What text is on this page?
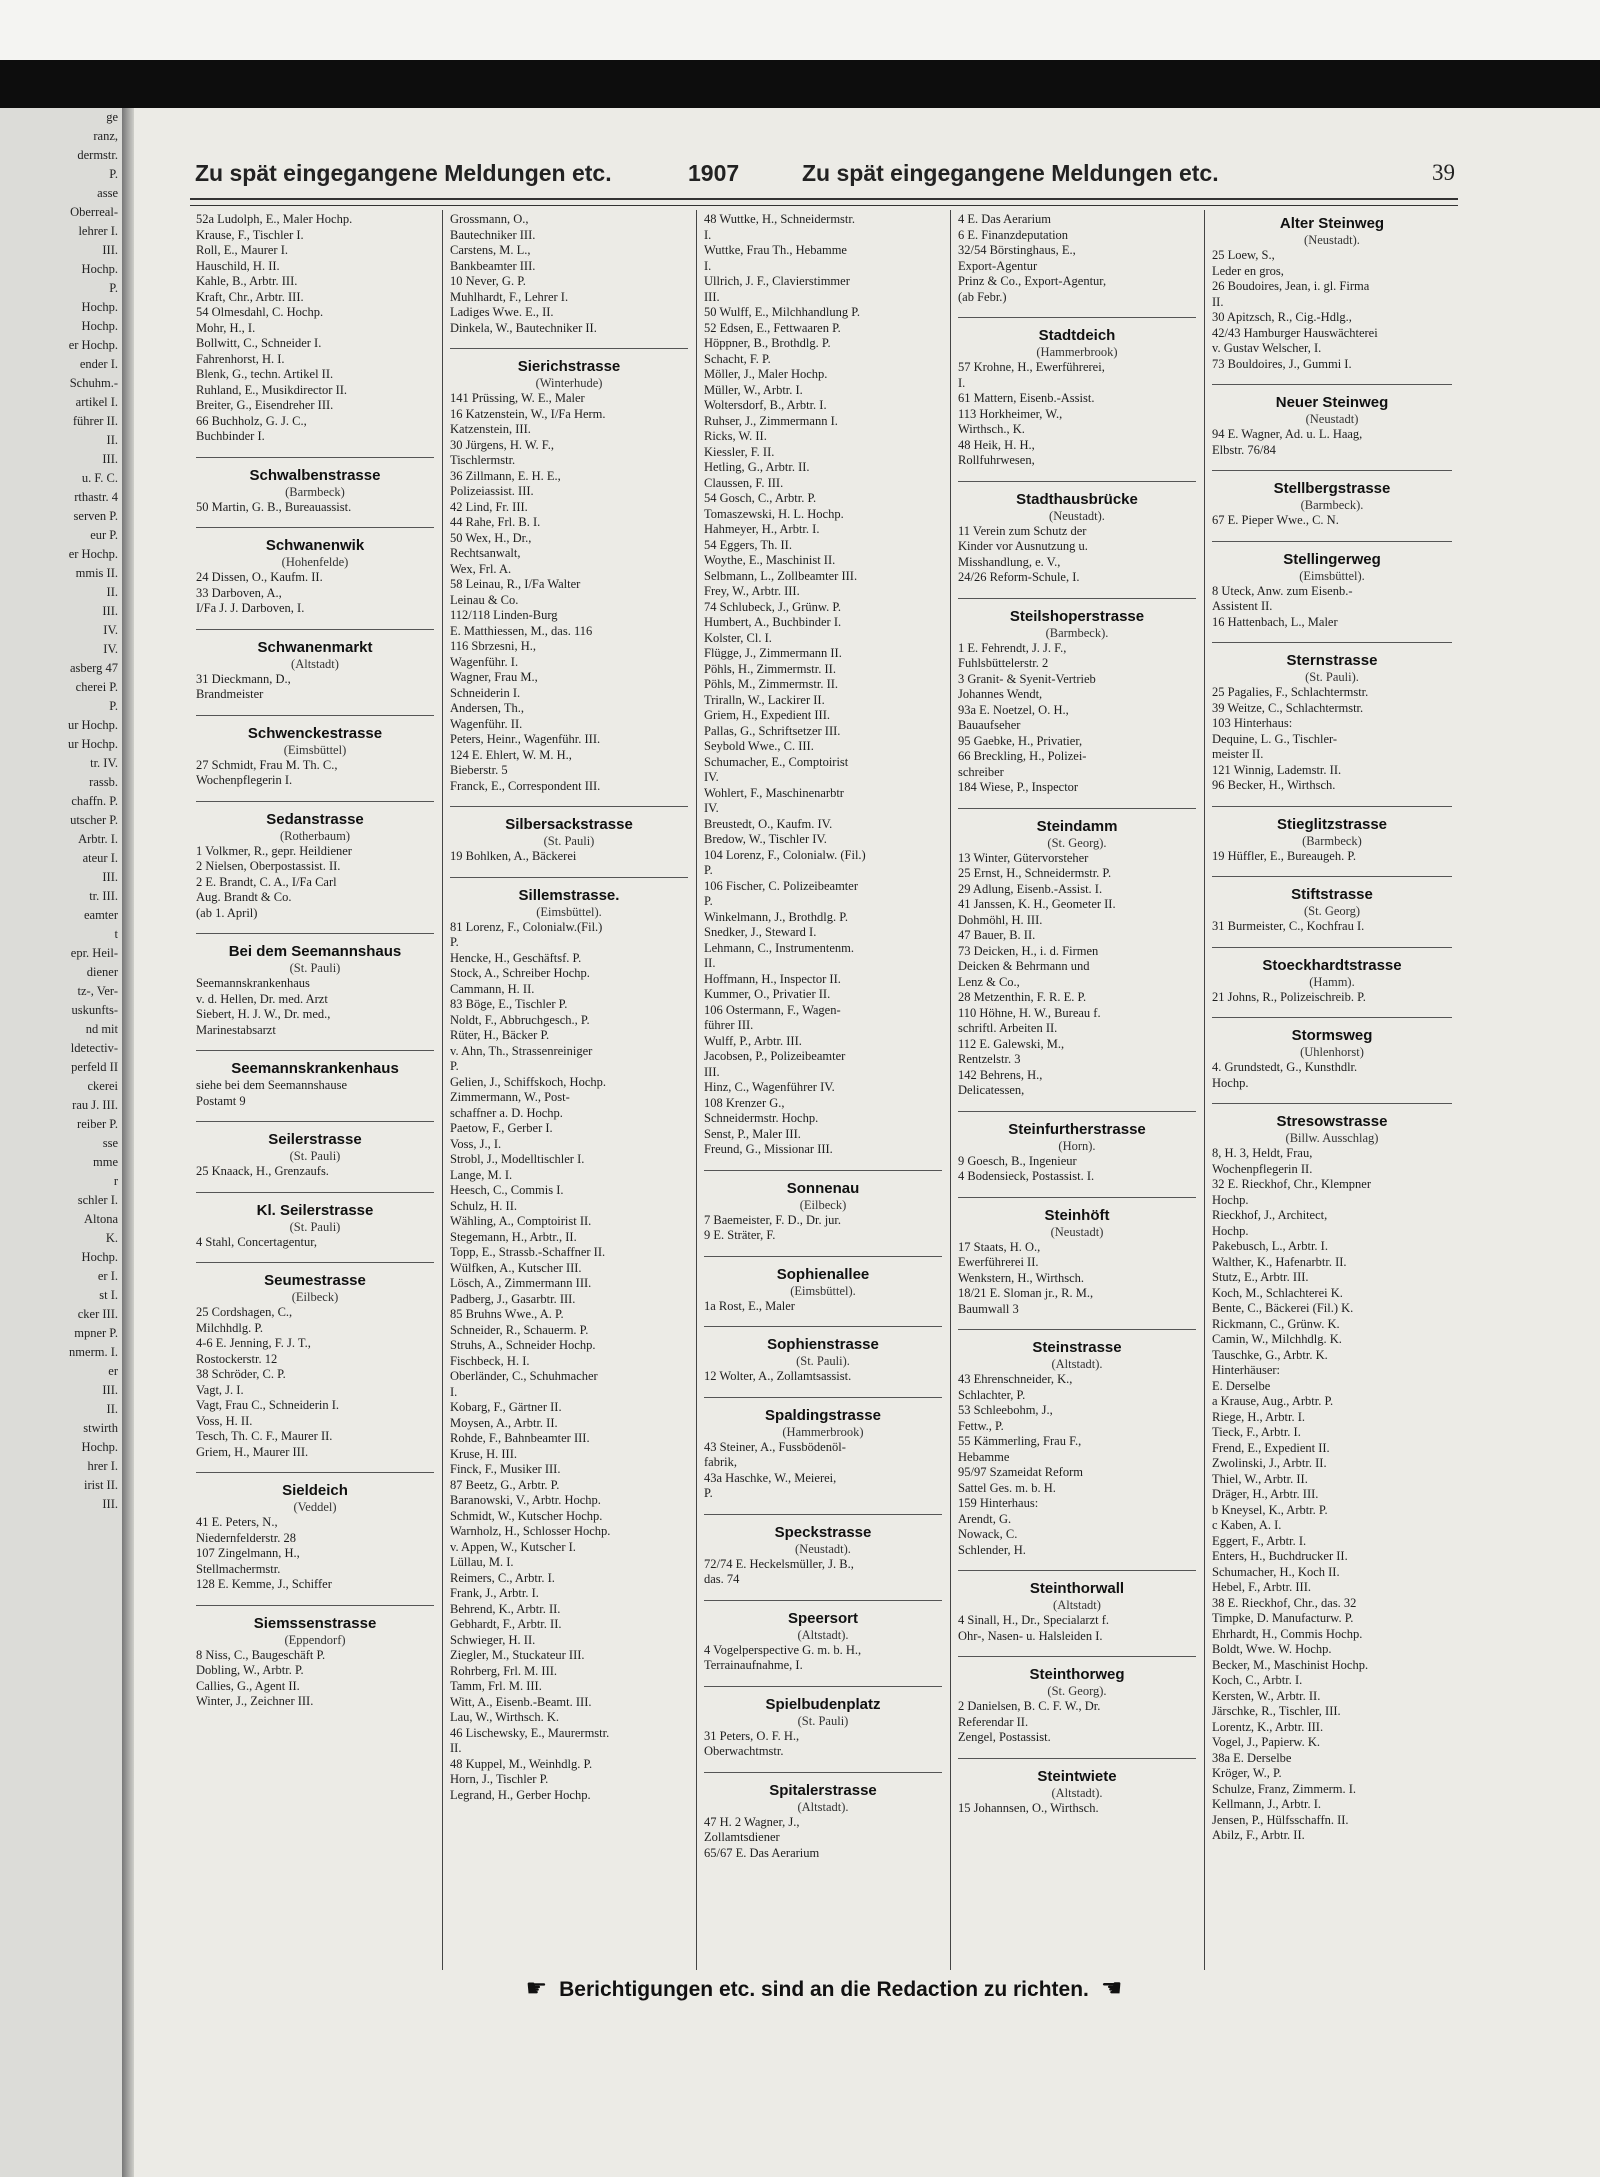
ge
ranz,
dermstr.
P.
asse
Oberreal-
lehrer I.
III.
Hochp.
P.
Hochp.
Hochp.
er Hochp.
ender I.
Schuhm.-
artikel I.
führer II.
II.
III.
u. F. C.
rthastr. 4
serven P.
eur P.
er Hochp.
mmis II.
II.
III.
IV.
IV.
asberg 47
cherei P.
P.
ur Hochp.
ur Hochp.
tr. IV.
rassb.
chaffn. P.
utscher P.
Arbtr. I.
ateur I.
III.
tr. III.
eamter
t
epr. Heil-
diener
tz-, Ver-
uskunfts-
nd mit
ldetectiv-
perfeld II
ckerei
rau J. III.
reiber P.
sse
mme
r
schler I.
Altona
K.
Hochp.
er I.
st I.
cker III.
mpner P.
nmerm. I.
er
III.
II.
stwirth
Hochp.
hrer I.
irist II.
III.
Zu spät eingegangene Meldungen etc.	1907	Zu spät eingegangene Meldungen etc.	39
52a Ludolph, E., Maler Hochp.
Krause, F., Tischler I.
Roll, E., Maurer I.
Hauschild, H. II.
Kahle, B., Arbtr. III.
Kraft, Chr., Arbtr. III.
54 Olmesdahl, C. Hochp.
Mohr, H., I.
Bollwitt, C., Schneider I.
Fahrenhorst, H. I.
Blenk, G., techn. Artikel II.
Ruhland, E., Musikdirector II.
Breiter, G., Eisendreher III.
66 Buchholz, G. J. C.,
Buchbinder I.
Schwalbenstrasse
(Barmbeck)
50 Martin, G. B., Bureauassist.
Schwanenwik
(Hohenfelde)
24 Dissen, O., Kaufm. II.
33 Darboven, A.,
I/Fa J. J. Darboven, I.
Schwanenmarkt
(Altstadt)
31 Dieckmann, D.,
Brandmeister
Schwenckestrasse
(Eimsbüttel)
27 Schmidt, Frau M. Th. C.,
Wochenpflegerin I.
Sedanstrasse
(Rotherbaum)
1 Volkmer, R., gepr. Heildiener
2 Nielsen, Oberpostassist. II.
2 E. Brandt, C. A., I/Fa Carl
Aug. Brandt & Co.
(ab 1. April)
Bei dem Seemannshaus
(St. Pauli)
Seemannskrankenhaus
v. d. Hellen, Dr. med. Arzt
Siebert, H. J. W., Dr. med.,
Marinestabsarzt
Seemannskrankenhaus
siehe bei dem Seemannshause
Postamt 9
Seilerstrasse
(St. Pauli)
25 Knaack, H., Grenzaufs.
Kl. Seilerstrasse
(St. Pauli)
4 Stahl, Concertagentur,
Seumestrasse
(Eilbeck)
25 Cordshagen, C.,
Milchhdlg. P.
4-6 E. Jenning, F. J. T.,
Rostockerstr. 12
38 Schröder, C. P.
Vagt, J. I.
Vagt, Frau C., Schneiderin I.
Voss, H. II.
Tesch, Th. C. F., Maurer II.
Griem, H., Maurer III.
Sieldeich
(Veddel)
41 E. Peters, N.,
Niedernfelderstr. 28
107 Zingelmann, H.,
Stellmachermstr.
128 E. Kemme, J., Schiffer
Siemssenstrasse
(Eppendorf)
8 Niss, C., Baugeschäft P.
Dobling, W., Arbtr. P.
Callies, G., Agent II.
Winter, J., Zeichner III.
Grossmann, O.,
Bautechniker III.
Carstens, M. L.,
Bankbeamter III.
10 Never, G. P.
Muhlhardt, F., Lehrer I.
Ladiges Wwe. E., II.
Dinkela, W., Bautechniker II.
Sierichstrasse
(Winterhude)
141 Prüssing, W. E., Maler
16 Katzenstein, W., I/Fa Herm.
Katzenstein, III.
30 Jürgens, H. W. F.,
Tischlermstr.
36 Zillmann, E. H. E.,
Polizeiassist. III.
42 Lind, Fr. III.
44 Rahe, Frl. B. I.
50 Wex, H., Dr.,
Rechtsanwalt,
Wex, Frl. A.
58 Leinau, R., I/Fa Walter
Leinau & Co.
112/118 Linden-Burg
E. Matthiessen, M., das. 116
116 Sbrzesni, H.,
Wagenführ. I.
Wagner, Frau M.,
Schneiderin I.
Andersen, Th.,
Wagenführ. II.
Peters, Heinr., Wagenführ. III.
124 E. Ehlert, W. M. H.,
Bieberstr. 5
Franck, E., Correspondent III.
Silbersackstrasse
(St. Pauli)
19 Bohlken, A., Bäckerei
Sillemstrasse.
(Eimsbüttel).
81 Lorenz, F., Colonialw.(Fil.)
P.
Hencke, H., Geschäftsf. P.
Stock, A., Schreiber Hochp.
Cammann, H. II.
83 Böge, E., Tischler P.
Noldt, F., Abbruchgesch., P.
Rüter, H., Bäcker P.
v. Ahn, Th., Strassenreiniger
P.
Gelien, J., Schiffskoch, Hochp.
Zimmermann, W., Post-
schaffner a. D. Hochp.
Paetow, F., Gerber I.
Voss, J., I.
Strobl, J., Modelltischler I.
Lange, M. I.
Heesch, C., Commis I.
Schulz, H. II.
Wähling, A., Comptoirist II.
Stegemann, H., Arbtr., II.
Topp, E., Strassb.-Schaffner II.
Wülfken, A., Kutscher III.
Lösch, A., Zimmermann III.
Padberg, J., Gasarbtr. III.
85 Bruhns Wwe., A. P.
Schneider, R., Schauerm. P.
Struhs, A., Schneider Hochp.
Fischbeck, H. I.
Oberländer, C., Schuhmacher
I.
Kobarg, F., Gärtner II.
Moysen, A., Arbtr. II.
Rohde, F., Bahnbeamter III.
Kruse, H. III.
Finck, F., Musiker III.
87 Beetz, G., Arbtr. P.
Baranowski, V., Arbtr. Hochp.
Schmidt, W., Kutscher Hochp.
Warnholz, H., Schlosser Hochp.
v. Appen, W., Kutscher I.
Lüllau, M. I.
Reimers, C., Arbtr. I.
Frank, J., Arbtr. I.
Behrend, K., Arbtr. II.
Gebhardt, F., Arbtr. II.
Schwieger, H. II.
Ziegler, M., Stuckateur III.
Rohrberg, Frl. M. III.
Tamm, Frl. M. III.
Witt, A., Eisenb.-Beamt. III.
Lau, W., Wirthsch. K.
46 Lischewsky, E., Maurermstr.
II.
48 Kuppel, M., Weinhdlg. P.
Horn, J., Tischler P.
Legrand, H., Gerber Hochp.
48 Wuttke, H., Schneidermstr.
I.
Wuttke, Frau Th., Hebamme
I.
Ullrich, J. F., Clavierstimmer
III.
50 Wulff, E., Milchhandlung P.
52 Edsen, E., Fettwaaren P.
Höppner, B., Brothdlg. P.
Schacht, F. P.
Möller, J., Maler Hochp.
Müller, W., Arbtr. I.
Woltersdorf, B., Arbtr. I.
Ruhser, J., Zimmermann I.
Ricks, W. II.
Kiessler, F. II.
Hetling, G., Arbtr. II.
Claussen, F. III.
54 Gosch, C., Arbtr. P.
Tomaszewski, H. L. Hochp.
Hahmeyer, H., Arbtr. I.
54 Eggers, Th. II.
Woythe, E., Maschinist II.
Selbmann, L., Zollbeamter III.
Frey, W., Arbtr. III.
74 Schlubeck, J., Grünw. P.
Humbert, A., Buchbinder I.
Kolster, Cl. I.
Flügge, J., Zimmermann II.
Pöhls, H., Zimmermstr. II.
Pöhls, M., Zimmermstr. II.
Triralln, W., Lackirer II.
Griem, H., Expedient III.
Pallas, G., Schriftsetzer III.
Seybold Wwe., C. III.
Schumacher, E., Comptoirist
IV.
Wohlert, F., Maschinenarbtr
IV.
Breustedt, O., Kaufm. IV.
Bredow, W., Tischler IV.
104 Lorenz, F., Colonialw. (Fil.)
P.
106 Fischer, C. Polizeibeamter
P.
Winkelmann, J., Brothdlg. P.
Snedker, J., Steward I.
Lehmann, C., Instrumentenm.
II.
Hoffmann, H., Inspector II.
Kummer, O., Privatier II.
106 Ostermann, F., Wagen-
führer III.
Wulff, P., Arbtr. III.
Jacobsen, P., Polizeibeamter
III.
Hinz, C., Wagenführer IV.
108 Krenzer G.,
Schneidermstr. Hochp.
Senst, P., Maler III.
Freund, G., Missionar III.
Sonnenau
(Eilbeck)
7 Baemeister, F. D., Dr. jur.
9 E. Sträter, F.
Sophienallee
(Eimsbüttel).
1a Rost, E., Maler
Sophienstrasse
(St. Pauli).
12 Wolter, A., Zollamtsassist.
Spaldingstrasse
(Hammerbrook)
43 Steiner, A., Fussbödenöl-
fabrik,
43a Haschke, W., Meierei,
P.
Speckstrasse
(Neustadt).
72/74 E. Heckelsmüller, J. B.,
das. 74
Speersort
(Altstadt).
4 Vogelperspective G. m. b. H.,
Terrainaufnahme, I.
Spielbudenplatz
(St. Pauli)
31 Peters, O. F. H.,
Oberwachtmstr.
Spitalerstrasse
(Altstadt).
47 H. 2 Wagner, J.,
Zollamtsdiener
65/67 E. Das Aerarium
4 E. Das Aerarium
6 E. Finanzdeputation
32/54 Börstinghaus, E.,
Export-Agentur
Prinz & Co., Export-Agentur,
(ab Febr.)
Stadtdeich
(Hammerbrook)
57 Krohne, H., Ewerführerei,
I.
61 Mattern, Eisenb.-Assist.
113 Horkheimer, W.,
Wirthsch., K.
48 Heik, H. H.,
Rollfuhrwesen,
Stadthausbrücke
(Neustadt).
11 Verein zum Schutz der
Kinder vor Ausnutzung u.
Misshandlung, e. V.,
24/26 Reform-Schule, I.
Steilshoperstrasse
(Barmbeck).
1 E. Fehrendt, J. J. F.,
Fuhlsbüttelerstr. 2
3 Granit- & Syenit-Vertrieb
Johannes Wendt,
93a E. Noetzel, O. H.,
Bauaufseher
95 Gaebke, H., Privatier,
66 Breckling, H., Polizei-
schreiber
184 Wiese, P., Inspector
Steindamm
(St. Georg).
13 Winter, Gütervorsteher
25 Ernst, H., Schneidermstr. P.
29 Adlung, Eisenb.-Assist. I.
41 Janssen, K. H., Geometer II.
Dohmöhl, H. III.
47 Bauer, B. II.
73 Deicken, H., i. d. Firmen
Deicken & Behrmann und
Lenz & Co.,
28 Metzenthin, F. R. E. P.
110 Höhne, H. W., Bureau f.
schriftl. Arbeiten II.
112 E. Galewski, M.,
Rentzelstr. 3
142 Behrens, H.,
Delicatessen,
Steinfurtherstrasse
(Horn).
9 Goesch, B., Ingenieur
4 Bodensieck, Postassist. I.
Steinhöft
(Neustadt)
17 Staats, H. O.,
Ewerführerei II.
Wenkstern, H., Wirthsch.
18/21 E. Sloman jr., R. M.,
Baumwall 3
Steinstrasse
(Altstadt).
43 Ehrenschneider, K.,
Schlachter, P.
53 Schleebohm, J.,
Fettw., P.
55 Kämmerling, Frau F.,
Hebamme
95/97 Szameidat Reform
Sattel Ges. m. b. H.
159 Hinterhaus:
Arendt, G.
Nowack, C.
Schlender, H.
Steinthorwall
(Altstadt)
4 Sinall, H., Dr., Specialarzt f.
Ohr-, Nasen- u. Halsleiden I.
Steinthorweg
(St. Georg).
2 Danielsen, B. C. F. W., Dr.
Referendar II.
Zengel, Postassist.
Steintwiete
(Altstadt).
15 Johannsen, O., Wirthsch.
Alter Steinweg
(Neustadt).
25 Loew, S.,
Leder en gros,
26 Boudoires, Jean, i. gl. Firma
II.
30 Apitzsch, R., Cig.-Hdlg.,
42/43 Hamburger Hauswächterei
v. Gustav Welscher, I.
73 Bouldoires, J., Gummi I.
Neuer Steinweg
(Neustadt)
94 E. Wagner, Ad. u. L. Haag,
Elbstr. 76/84
Stellbergstrasse
(Barmbeck).
67 E. Pieper Wwe., C. N.
Stellingerweg
(Eimsbüttel).
8 Uteck, Anw. zum Eisenb.-
Assistent II.
16 Hattenbach, L., Maler
Sternstrasse
(St. Pauli).
25 Pagalies, F., Schlachtermstr.
39 Weitze, C., Schlachtermstr.
103 Hinterhaus:
Dequine, L. G., Tischler-
meister II.
121 Winnig, Lademstr. II.
96 Becker, H., Wirthsch.
Stieglitzstrasse
(Barmbeck)
19 Hüffler, E., Bureaugeh. P.
Stiftstrasse
(St. Georg)
31 Burmeister, C., Kochfrau I.
Stoeckhardtstrasse
(Hamm).
21 Johns, R., Polizeischreib. P.
Stormsweg
(Uhlenhorst)
4. Grundstedt, G., Kunsthdlr.
Hochp.
Stresowstrasse
(Billw. Ausschlag)
8, H. 3, Heldt, Frau,
Wochenpflegerin II.
32 E. Rieckhof, Chr., Klempner
Hochp.
Rieckhof, J., Architect,
Hochp.
Pakebusch, L., Arbtr. I.
Walther, K., Hafenarbtr. II.
Stutz, E., Arbtr. III.
Koch, M., Schlachterei K.
Bente, C., Bäckerei (Fil.) K.
Rickmann, C., Grünw. K.
Camin, W., Milchhdlg. K.
Tauschke, G., Arbtr. K.
Hinterhäuser:
E. Derselbe
a Krause, Aug., Arbtr. P.
Riege, H., Arbtr. I.
Tieck, F., Arbtr. I.
Frend, E., Expedient II.
Zwolinski, J., Arbtr. II.
Thiel, W., Arbtr. II.
Dräger, H., Arbtr. III.
b Kneysel, K., Arbtr. P.
c Kaben, A. I.
Eggert, F., Arbtr. I.
Enters, H., Buchdrucker II.
Schumacher, H., Koch II.
Hebel, F., Arbtr. III.
38 E. Rieckhof, Chr., das. 32
Timpke, D. Manufacturw. P.
Ehrhardt, H., Commis Hochp.
Boldt, Wwe. W. Hochp.
Becker, M., Maschinist Hochp.
Koch, C., Arbtr. I.
Kersten, W., Arbtr. II.
Järschke, R., Tischler, III.
Lorentz, K., Arbtr. III.
Vogel, J., Papierw. K.
38a E. Derselbe
Kröger, W., P.
Schulze, Franz, Zimmerm. I.
Kellmann, J., Arbtr. I.
Jensen, P., Hülfsschaffn. II.
Abilz, F., Arbtr. II.
☛ Berichtigungen etc. sind an die Redaction zu richten. ☚
